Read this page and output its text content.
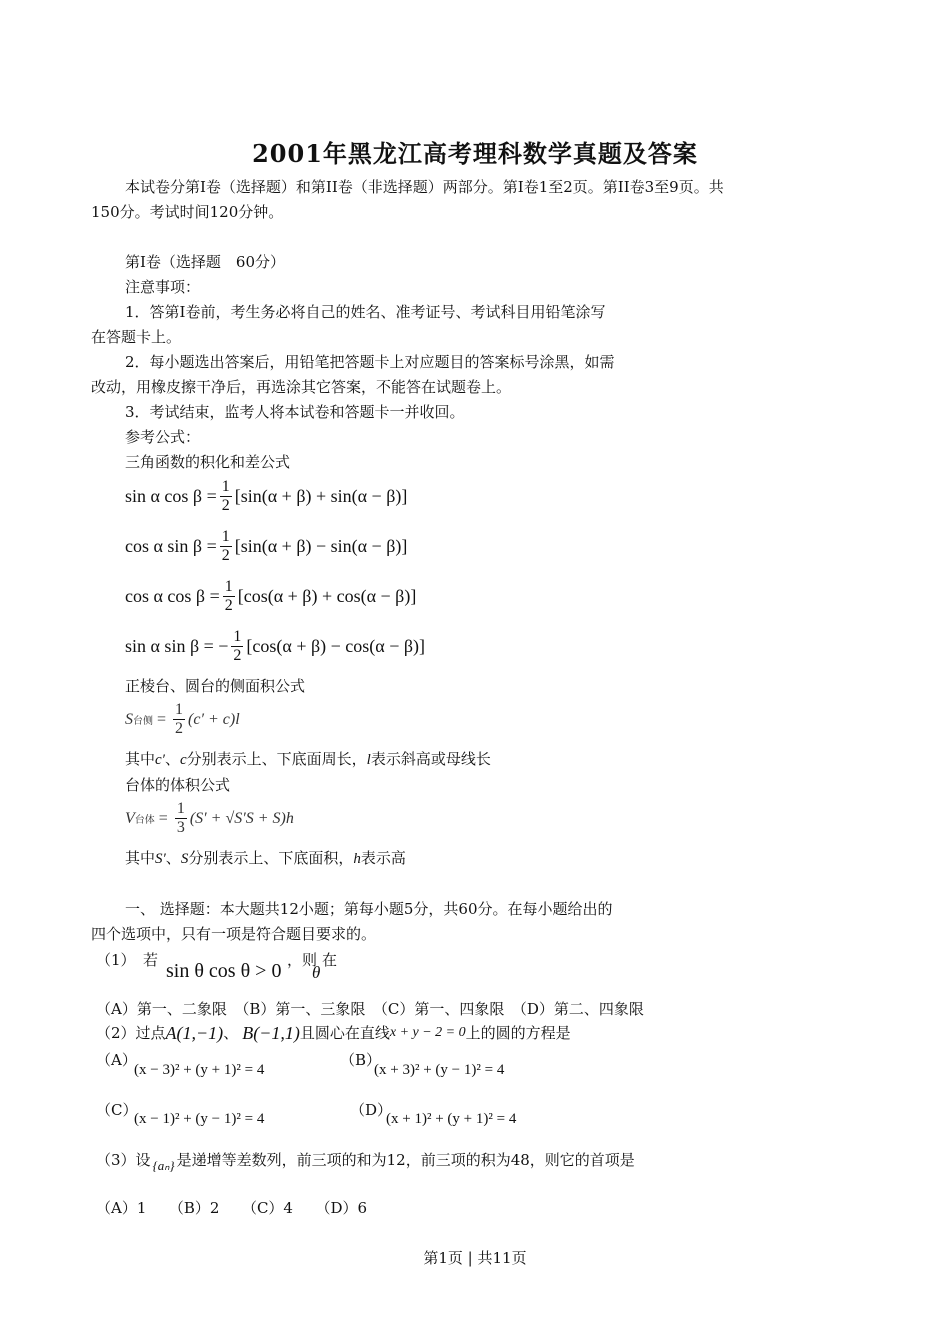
2001年黑龙江高考理科数学真题及答案
本试卷分第Ⅰ卷（选择题）和第II卷（非选择题）两部分。第Ⅰ卷1至2页。第II卷3至9页。共
150分。考试时间120分钟。
第Ⅰ卷（选择题　60分）
注意事项：
1．答第Ⅰ卷前，考生务必将自己的姓名、准考证号、考试科目用铅笔涂写
在答题卡上。
2．每小题选出答案后，用铅笔把答题卡上对应题目的答案标号涂黑，如需
改动，用橡皮擦干净后，再选涂其它答案，不能答在试题卷上。
3．考试结束，监考人将本试卷和答题卡一并收回。
参考公式：
三角函数的积化和差公式
sin α $\cos \beta = \frac{1}{2} [\sin(\alpha + \beta) + \sin(\alpha - \beta)]$
cos α $\sin \beta = \frac{1}{2} [\sin(\alpha + \beta) - \sin(\alpha - \beta)]$
cos α $\cos \beta = \frac{1}{2} [\cos(\alpha + \beta) + \cos(\alpha - \beta)]$
sin α sin β = − $\frac{1}{2} [\cos(\alpha + \beta) - \cos(\alpha - \beta)]$
正棱台、圆台的侧面积公式
S 台侧 = $\frac{1}{2} (c' + c)l$
其中c′、c分别表示上、下底面周长，l表示斜高或母线长
台体的体积公式
V 台体 = $\frac{1}{3} (S' + √S'S + S)h$
其中S′、S分别表示上、下底面积，h表示高
一、 选择题：本大题共12小题；第每小题5分，共60分。在每小题给出的
四个选项中，只有一项是符合题目要求的。
（1）　若 sin θ cos θ > 0 ，则
θ
在
（A）第一、二象限　（B）第一、三象限　（C）第一、四象限　（D）第二、四象限
（2）过点 A(1,−1) 、 B(−1,1) 且圆心在直线 x + y − 2 = 0 上的圆的方程是
（A）
(x − 3)² + (y + 1)² = 4
（B）
(x + 3)² + (y − 1)² = 4
（C）
(x − 1)² + (y − 1)² = 4	（D）
(x + 1)² + (y + 1)² = 4
（3）设 {aₙ} 是递增等差数列，前三项的和为12，前三项的积为48，则它的首项是
（A）1　　（B）2　　（C）4　　（D）6
第1页 | 共11页
